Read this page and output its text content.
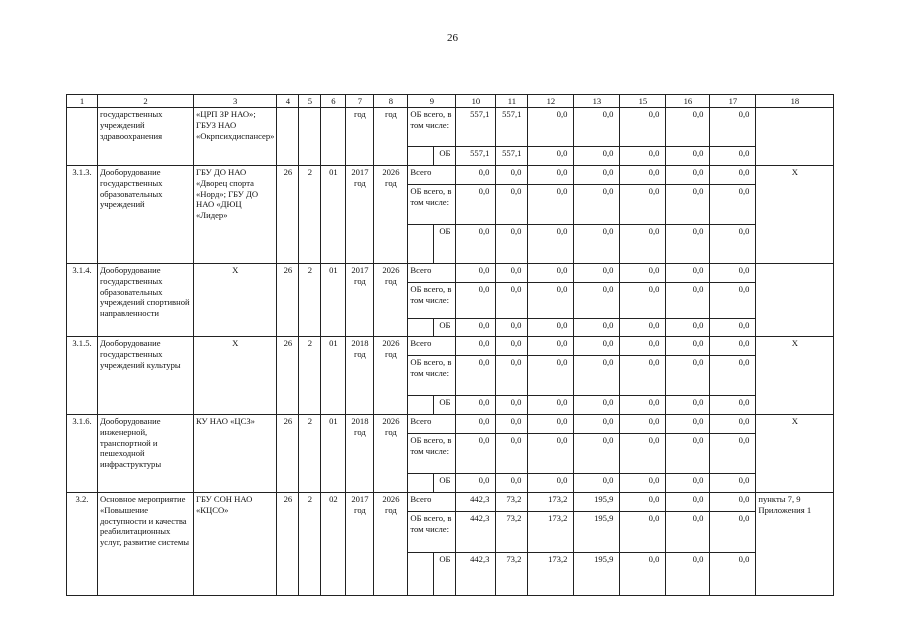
26
1	2	3	4	5	6	7	8	9		10	11	12	13	15	16	17	18
	государственных учреждений здравоохранения	«ЦРП ЗР НАО»; ГБУЗ НАО «Окрпсихдиспансер»				год	год	ОБ всего, в том числе:		557,1	557,1	0,0	0,0	0,0	0,0	0,0	
									ОБ	557,1	557,1	0,0	0,0	0,0	0,0	0,0	
3.1.3.	Дооборудование государственных образовательных учреждений	ГБУ ДО НАО «Дворец спорта «Норд»; ГБУ ДО НАО «ДЮЦ «Лидер»	26	2	01	2017 год	2026 год	Всего		0,0	0,0	0,0	0,0	0,0	0,0	0,0	Х
								ОБ всего, в том числе:		0,0	0,0	0,0	0,0	0,0	0,0	0,0	
									ОБ	0,0	0,0	0,0	0,0	0,0	0,0	0,0	
3.1.4.	Дооборудование государственных образовательных учреждений спортивной направленности	Х	26	2	01	2017 год	2026 год	Всего		0,0	0,0	0,0	0,0	0,0	0,0	0,0	
								ОБ всего, в том числе:		0,0	0,0	0,0	0,0	0,0	0,0	0,0	
									ОБ	0,0	0,0	0,0	0,0	0,0	0,0	0,0	
3.1.5.	Дооборудование государственных учреждений культуры	Х	26	2	01	2018 год	2026 год	Всего		0,0	0,0	0,0	0,0	0,0	0,0	0,0	Х
								ОБ всего, в том числе:		0,0	0,0	0,0	0,0	0,0	0,0	0,0	
									ОБ	0,0	0,0	0,0	0,0	0,0	0,0	0,0	
3.1.6.	Дооборудование инженерной, транспортной и пешеходной инфраструктуры	КУ НАО «ЦСЗ»	26	2	01	2018 год	2026 год	Всего		0,0	0,0	0,0	0,0	0,0	0,0	0,0	Х
								ОБ всего, в том числе:		0,0	0,0	0,0	0,0	0,0	0,0	0,0	
									ОБ	0,0	0,0	0,0	0,0	0,0	0,0	0,0	
3.2.	Основное мероприятие «Повышение доступности и качества реабилитационных услуг, развитие системы	ГБУ СОН НАО «КЦСО»	26	2	02	2017 год	2026 год	Всего		442,3	73,2	173,2	195,9	0,0	0,0	0,0	пункты 7, 9 Приложения 1
								ОБ всего, в том числе:		442,3	73,2	173,2	195,9	0,0	0,0	0,0	
									ОБ	442,3	73,2	173,2	195,9	0,0	0,0	0,0	
